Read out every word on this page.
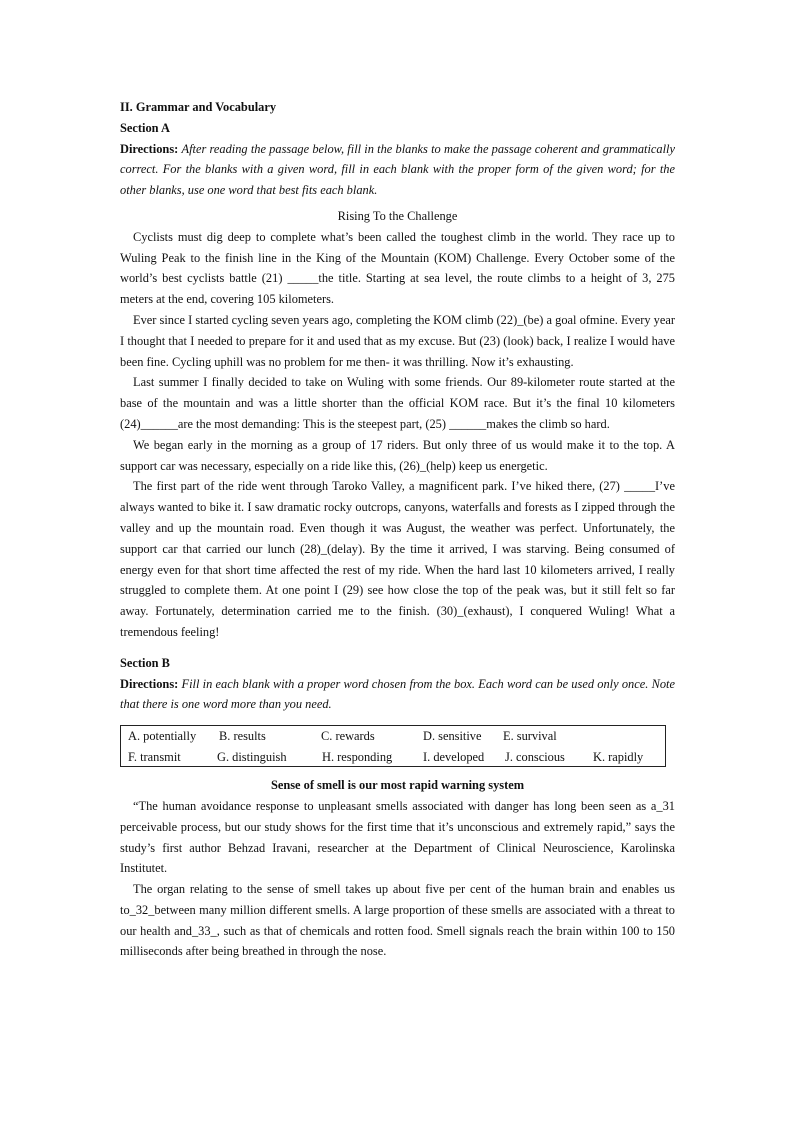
II. Grammar and Vocabulary

Section A

Directions: After reading the passage below, fill in the blanks to make the passage coherent and grammatically correct. For the blanks with a given word, fill in each blank with the proper form of the given word; for the other blanks, use one word that best fits each blank.

Rising To the Challenge

Cyclists must dig deep to complete what’s been called the toughest climb in the world. They race up to Wuling Peak to the finish line in the King of the Mountain (KOM) Challenge. Every October some of the world’s best cyclists battle (21) _____the title. Starting at sea level, the route climbs to a height of 3, 275 meters at the end, covering 105 kilometers.

Ever since I started cycling seven years ago, completing the KOM climb (22)_(be) a goal ofmine. Every year I thought that I needed to prepare for it and used that as my excuse. But (23) (look) back, I realize I would have been fine. Cycling uphill was no problem for me then- it was thrilling. Now it’s exhausting.

Last summer I finally decided to take on Wuling with some friends. Our 89-kilometer route started at the base of the mountain and was a little shorter than the official KOM race. But it’s the final 10 kilometers (24)______are the most demanding: This is the steepest part, (25) ______makes the climb so hard.

We began early in the morning as a group of 17 riders. But only three of us would make it to the top. A support car was necessary, especially on a ride like this, (26)_(help) keep us energetic.

The first part of the ride went through Taroko Valley, a magnificent park. I’ve hiked there, (27) _____I’ve always wanted to bike it. I saw dramatic rocky outcrops, canyons, waterfalls and forests as I zipped through the valley and up the mountain road. Even though it was August, the weather was perfect. Unfortunately, the support car that carried our lunch (28)_(delay). By the time it arrived, I was starving. Being consumed of energy even for that short time affected the rest of my ride. When the hard last 10 kilometers arrived, I really struggled to complete them. At one point I (29) see how close the top of the peak was, but it still felt so far away. Fortunately, determination carried me to the finish. (30)_(exhaust), I conquered Wuling! What a tremendous feeling!

Section B

Directions: Fill in each blank with a proper word chosen from the box. Each word can be used only once. Note that there is one word more than you need.

A. potentially	B. results	C. rewards	D. sensitive	E. survival
F. transmit	G. distinguish	H. responding	I. developed	J. conscious	K. rapidly

Sense of smell is our most rapid warning system

“The human avoidance response to unpleasant smells associated with danger has long been seen as a_31 perceivable process, but our study shows for the first time that it’s unconscious and extremely rapid,” says the study’s first author Behzad Iravani, researcher at the Department of Clinical Neuroscience, Karolinska Institutet.

The organ relating to the sense of smell takes up about five per cent of the human brain and enables us to_32_between many million different smells. A large proportion of these smells are associated with a threat to our health and_33_, such as that of chemicals and rotten food. Smell signals reach the brain within 100 to 150 milliseconds after being breathed in through the nose.
